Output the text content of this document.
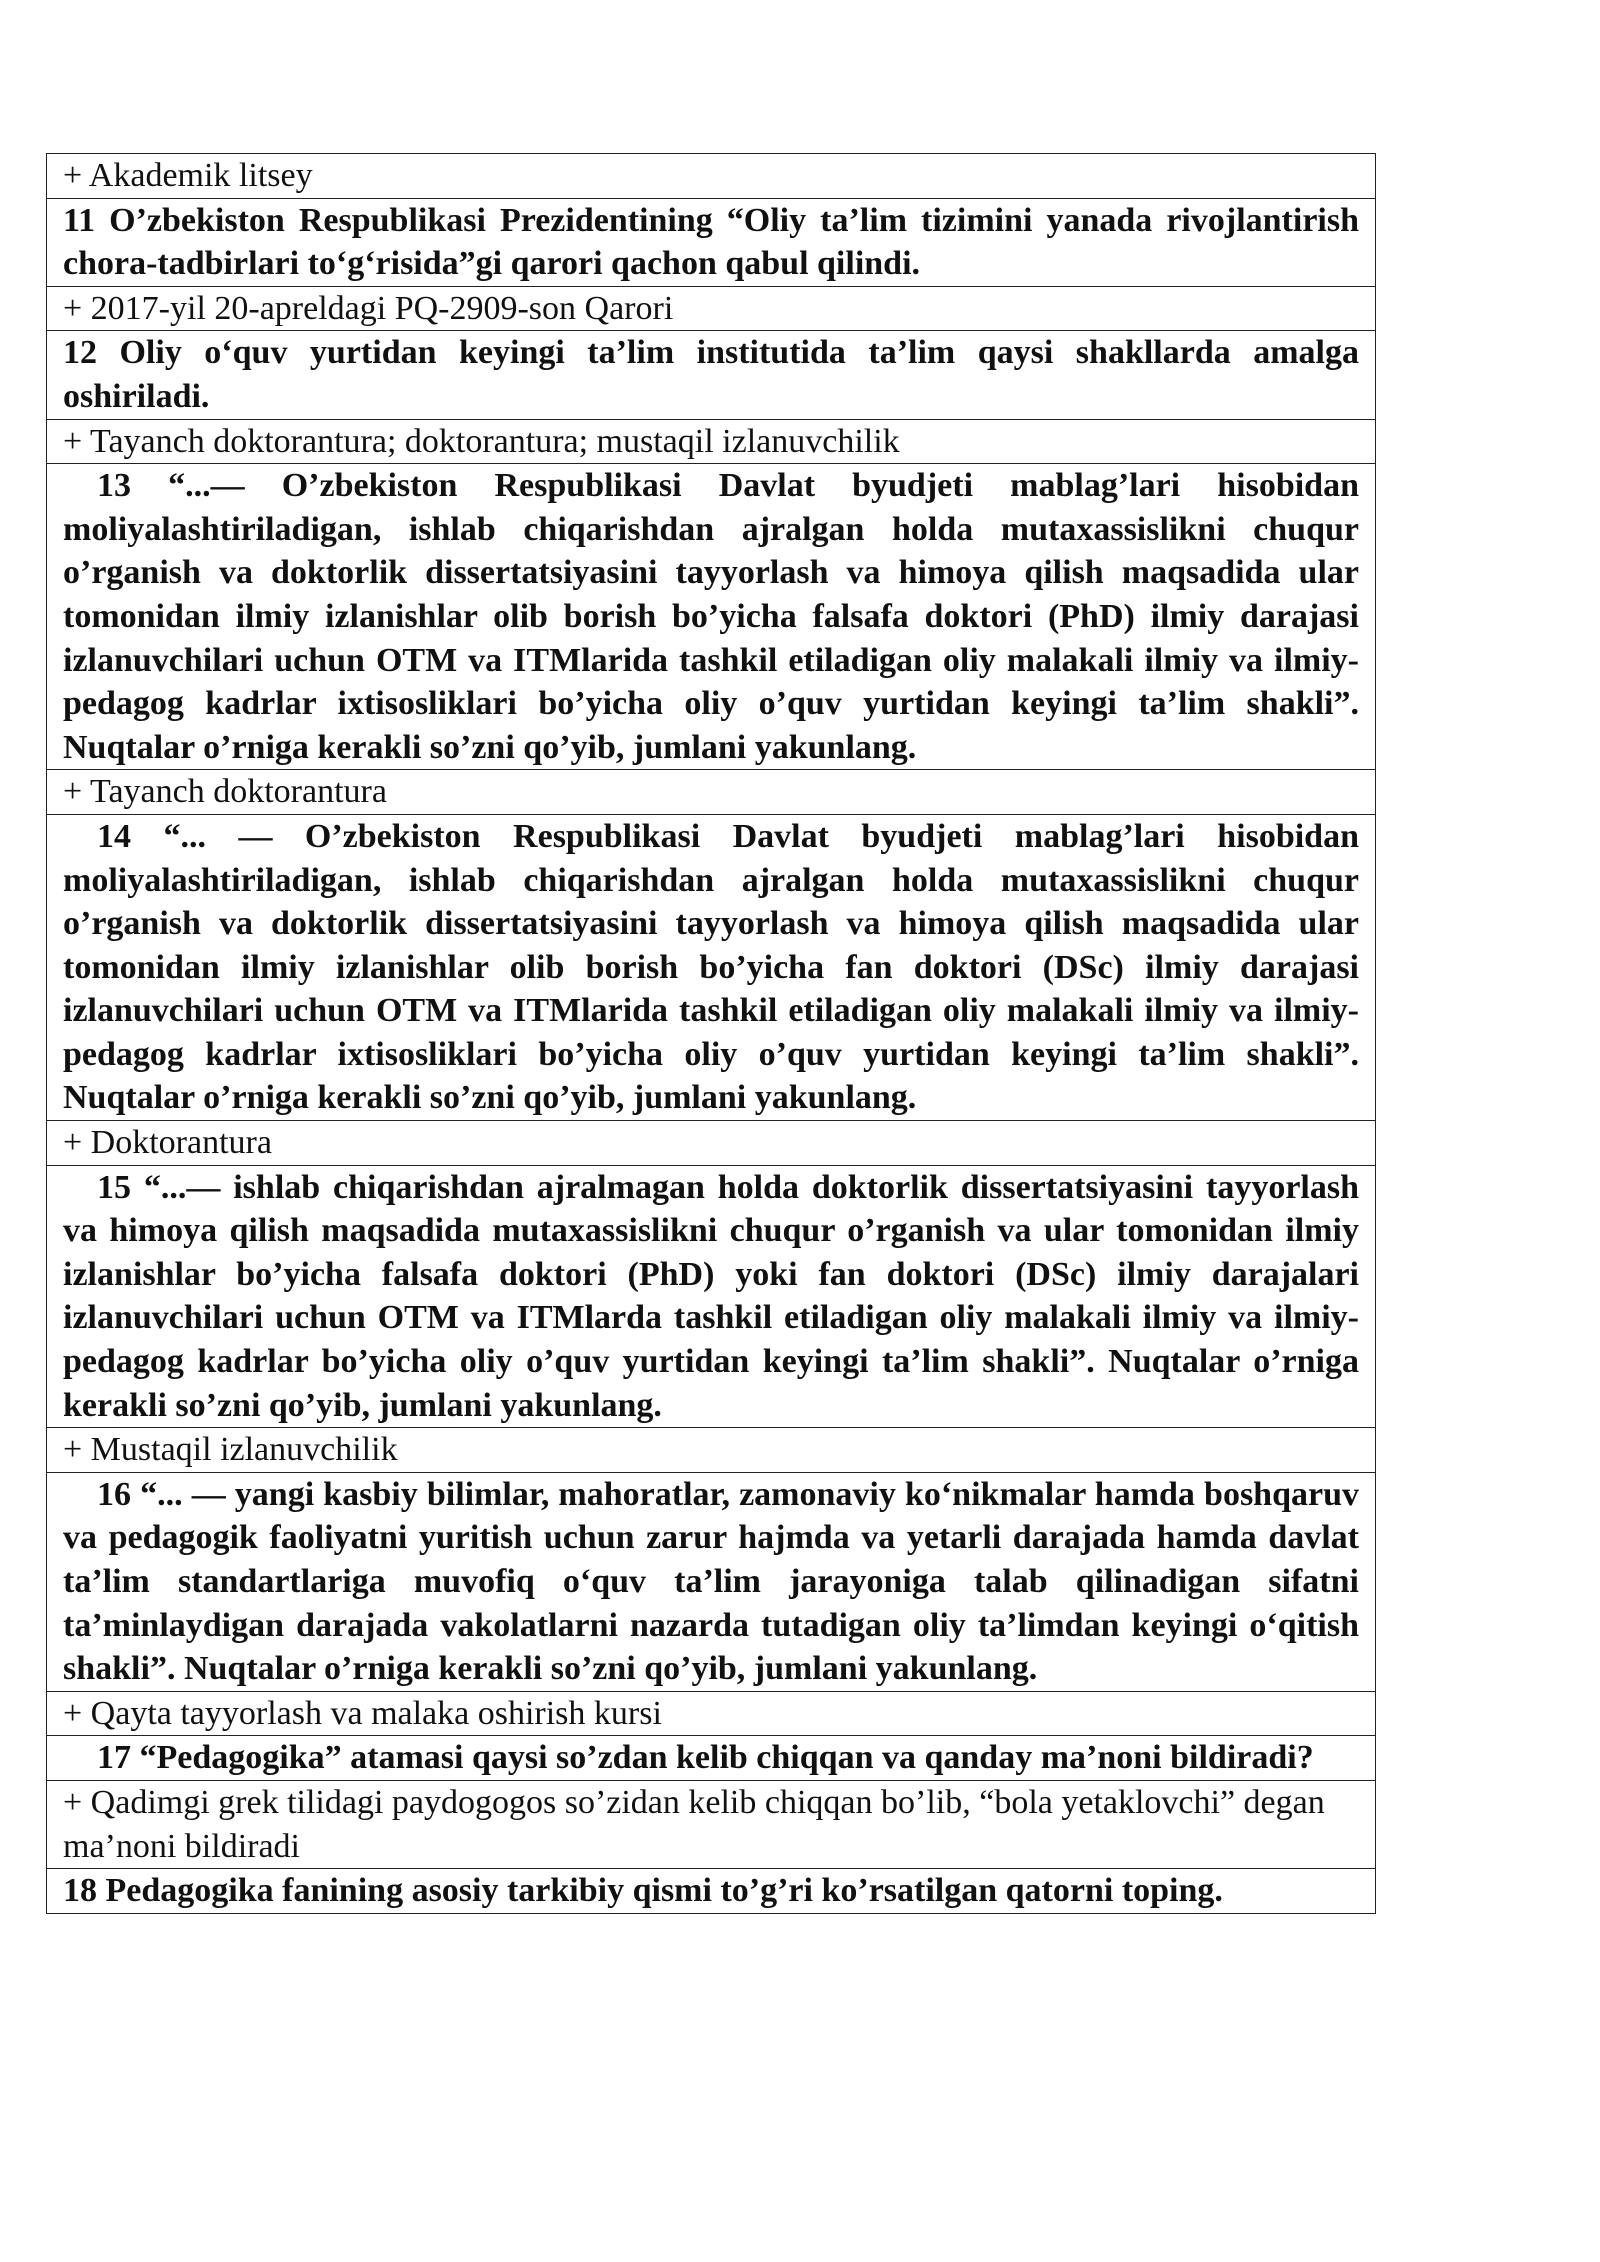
+ Akademik litsey
11 O’zbekiston Respublikasi Prezidentining “Oliy ta’lim tizimini yanada rivojlantirish chora-tadbirlari to‘g‘risida”gi qarori qachon qabul qilindi.
+ 2017-yil 20-apreldagi PQ-2909-son Qarori
12 Oliy o‘quv yurtidan keyingi ta’lim institutida ta’lim qaysi shakllarda amalga oshiriladi.
+ Tayanch doktorantura; doktorantura; mustaqil izlanuvchilik
13 “...— O’zbekiston Respublikasi Davlat byudjeti mablag’lari hisobidan moliyalashtiriladigan, ishlab chiqarishdan ajralgan holda mutaxassislikni chuqur o’rganish va doktorlik dissertatsiyasini tayyorlash va himoya qilish maqsadida ular tomonidan ilmiy izlanishlar olib borish bo’yicha falsafa doktori (PhD) ilmiy darajasi izlanuvchilari uchun OTM va ITMlarida tashkil etiladigan oliy malakali ilmiy va ilmiy-pedagog kadrlar ixtisosliklari bo’yicha oliy o’quv yurtidan keyingi ta’lim shakli”. Nuqtalar o’rniga kerakli so’zni qo’yib, jumlani yakunlang.
+ Tayanch doktorantura
14 “... — O’zbekiston Respublikasi Davlat byudjeti mablag’lari hisobidan moliyalashtiriladigan, ishlab chiqarishdan ajralgan holda mutaxassislikni chuqur o’rganish va doktorlik dissertatsiyasini tayyorlash va himoya qilish maqsadida ular tomonidan ilmiy izlanishlar olib borish bo’yicha fan doktori (DSc) ilmiy darajasi izlanuvchilari uchun OTM va ITMlarida tashkil etiladigan oliy malakali ilmiy va ilmiy-pedagog kadrlar ixtisosliklari bo’yicha oliy o’quv yurtidan keyingi ta’lim shakli”. Nuqtalar o’rniga kerakli so’zni qo’yib, jumlani yakunlang.
+ Doktorantura
15 “...— ishlab chiqarishdan ajralmagan holda doktorlik dissertatsiyasini tayyorlash va himoya qilish maqsadida mutaxassislikni chuqur o’rganish va ular tomonidan ilmiy izlanishlar bo’yicha falsafa doktori (PhD) yoki fan doktori (DSc) ilmiy darajalari izlanuvchilari uchun OTM va ITMlarda tashkil etiladigan oliy malakali ilmiy va ilmiy-pedagog kadrlar bo’yicha oliy o’quv yurtidan keyingi ta’lim shakli”. Nuqtalar o’rniga kerakli so’zni qo’yib, jumlani yakunlang.
+ Mustaqil izlanuvchilik
16 “... — yangi kasbiy bilimlar, mahoratlar, zamonaviy ko‘nikmalar hamda boshqaruv va pedagogik faoliyatni yuritish uchun zarur hajmda va yetarli darajada hamda davlat ta’lim standartlariga muvofiq o‘quv ta’lim jarayoniga talab qilinadigan sifatni ta’minlaydigan darajada vakolatlarni nazarda tutadigan oliy ta’limdan keyingi o‘qitish shakli”. Nuqtalar o’rniga kerakli so’zni qo’yib, jumlani yakunlang.
+ Qayta tayyorlash va malaka oshirish kursi
17 “Pedagogika” atamasi qaysi so’zdan kelib chiqqan va qanday ma’noni bildiradi?
+ Qadimgi grek tilidagi paydogogos so’zidan kelib chiqqan bo’lib, “bola yetaklovchi” degan ma’noni bildiradi
18 Pedagogika fanining asosiy tarkibiy qismi to’g’ri ko’rsatilgan qatorni toping.
